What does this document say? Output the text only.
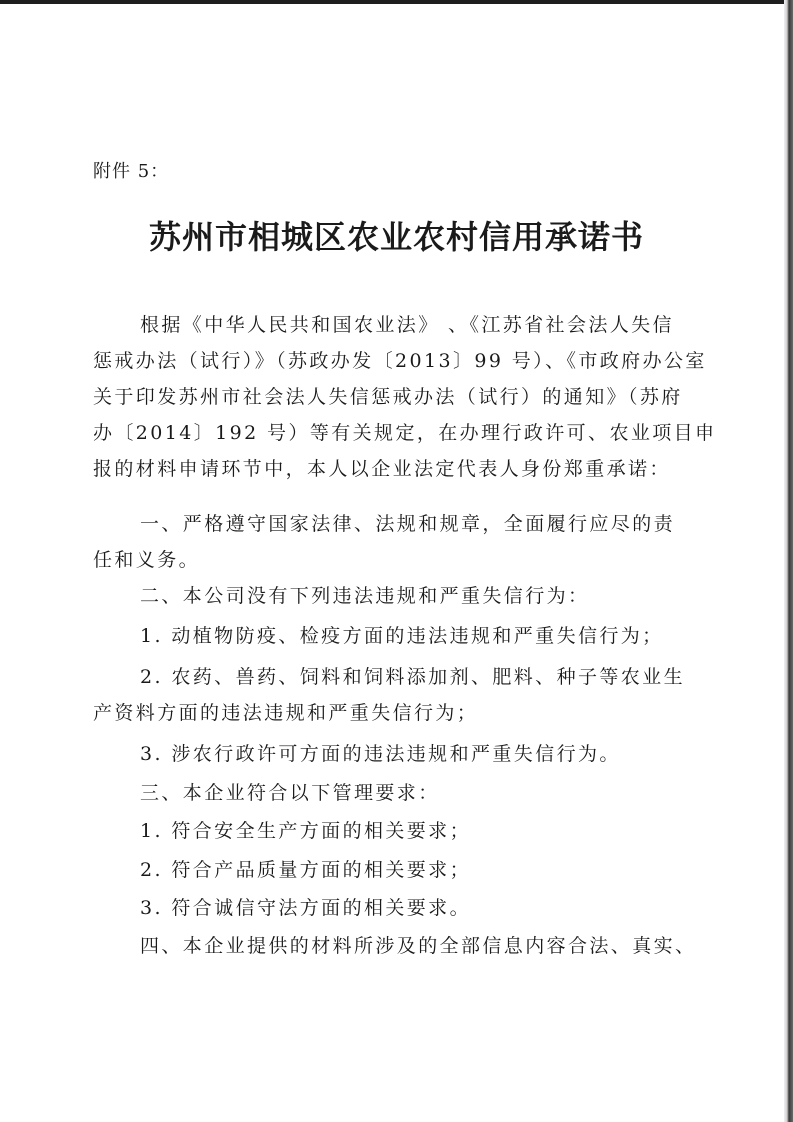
附件 5：
苏州市相城区农业农村信用承诺书
根据《中华人民共和国农业法》 、《江苏省社会法人失信
惩戒办法（试行）》（苏政办发〔2013〕99 号）、《市政府办公室
关于印发苏州市社会法人失信惩戒办法（试行）的通知》（苏府
办〔2014〕192 号）等有关规定，在办理行政许可、农业项目申
报的材料申请环节中，本人以企业法定代表人身份郑重承诺：
一、严格遵守国家法律、法规和规章，全面履行应尽的责
任和义务。
二、本公司没有下列违法违规和严重失信行为：
1. 动植物防疫、检疫方面的违法违规和严重失信行为；
2. 农药、兽药、饲料和饲料添加剂、肥料、种子等农业生
产资料方面的违法违规和严重失信行为；
3. 涉农行政许可方面的违法违规和严重失信行为。
三、本企业符合以下管理要求：
1. 符合安全生产方面的相关要求；
2. 符合产品质量方面的相关要求；
3. 符合诚信守法方面的相关要求。
四、本企业提供的材料所涉及的全部信息内容合法、真实、
